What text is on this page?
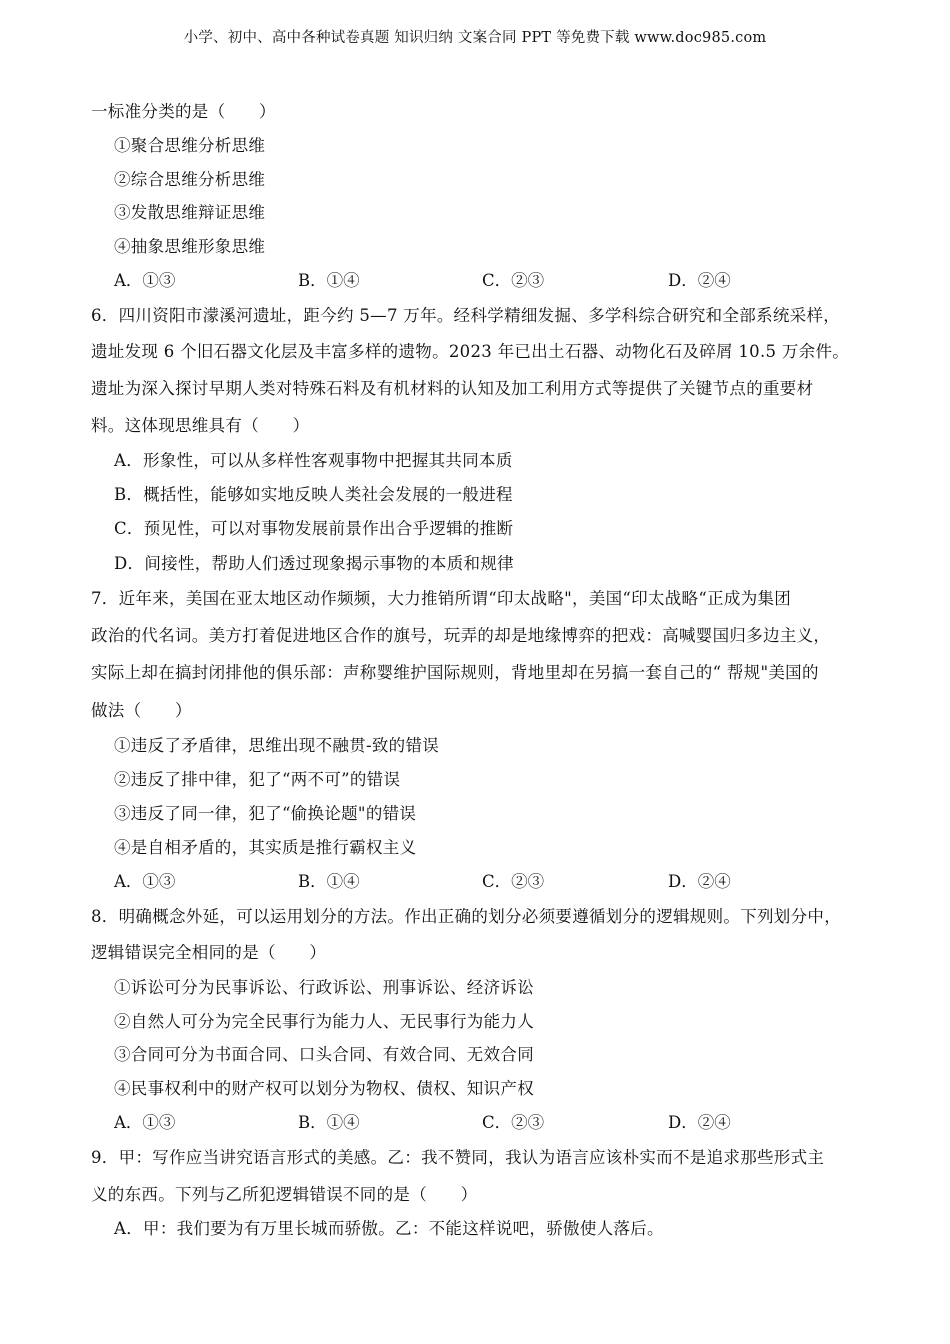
小学、初中、高中各种试卷真题 知识归纳 文案合同 PPT 等免费下载 www.doc985.com
一标准分类的是（　　）
①聚合思维分析思维
②综合思维分析思维
③发散思维辩证思维
④抽象思维形象思维
A．①③	B．①④	C．②③	D．②④
6．四川资阳市濛溪河遗址，距今约 5—7 万年。经科学精细发掘、多学科综合研究和全部系统采样，
遗址发现 6 个旧石器文化层及丰富多样的遗物。2023 年已出土石器、动物化石及碎屑 10.5 万余件。
遗址为深入探讨早期人类对特殊石料及有机材料的认知及加工利用方式等提供了关键节点的重要材
料。这体现思维具有（　　）
A．形象性，可以从多样性客观事物中把握其共同本质
B．概括性，能够如实地反映人类社会发展的一般进程
C．预见性，可以对事物发展前景作出合乎逻辑的推断
D．间接性，帮助人们透过现象揭示事物的本质和规律
7．近年来，美国在亚太地区动作频频，大力推销所谓“印太战略"，美国“印太战略“正成为集团
政治的代名词。美方打着促进地区合作的旗号，玩弄的却是地缘博弈的把戏：高喊婴国归多边主义，
实际上却在搞封闭排他的俱乐部：声称婴维护国际规则，背地里却在另搞一套自己的“ 帮规"美国的
做法（　　）
①违反了矛盾律，思维出现不融贯-致的错误
②违反了排中律，犯了“两不可”的错误
③违反了同一律，犯了“偷换论题"的错误
④是自相矛盾的，其实质是推行霸权主义
A．①③	B．①④	C．②③	D．②④
8．明确概念外延，可以运用划分的方法。作出正确的划分必须要遵循划分的逻辑规则。下列划分中，
逻辑错误完全相同的是（　　）
①诉讼可分为民事诉讼、行政诉讼、刑事诉讼、经济诉讼
②自然人可分为完全民事行为能力人、无民事行为能力人
③合同可分为书面合同、口头合同、有效合同、无效合同
④民事权利中的财产权可以划分为物权、债权、知识产权
A．①③	B．①④	C．②③	D．②④
9．甲：写作应当讲究语言形式的美感。乙：我不赞同，我认为语言应该朴实而不是追求那些形式主
义的东西。下列与乙所犯逻辑错误不同的是（　　）
A．甲：我们要为有万里长城而骄傲。乙：不能这样说吧，骄傲使人落后。
